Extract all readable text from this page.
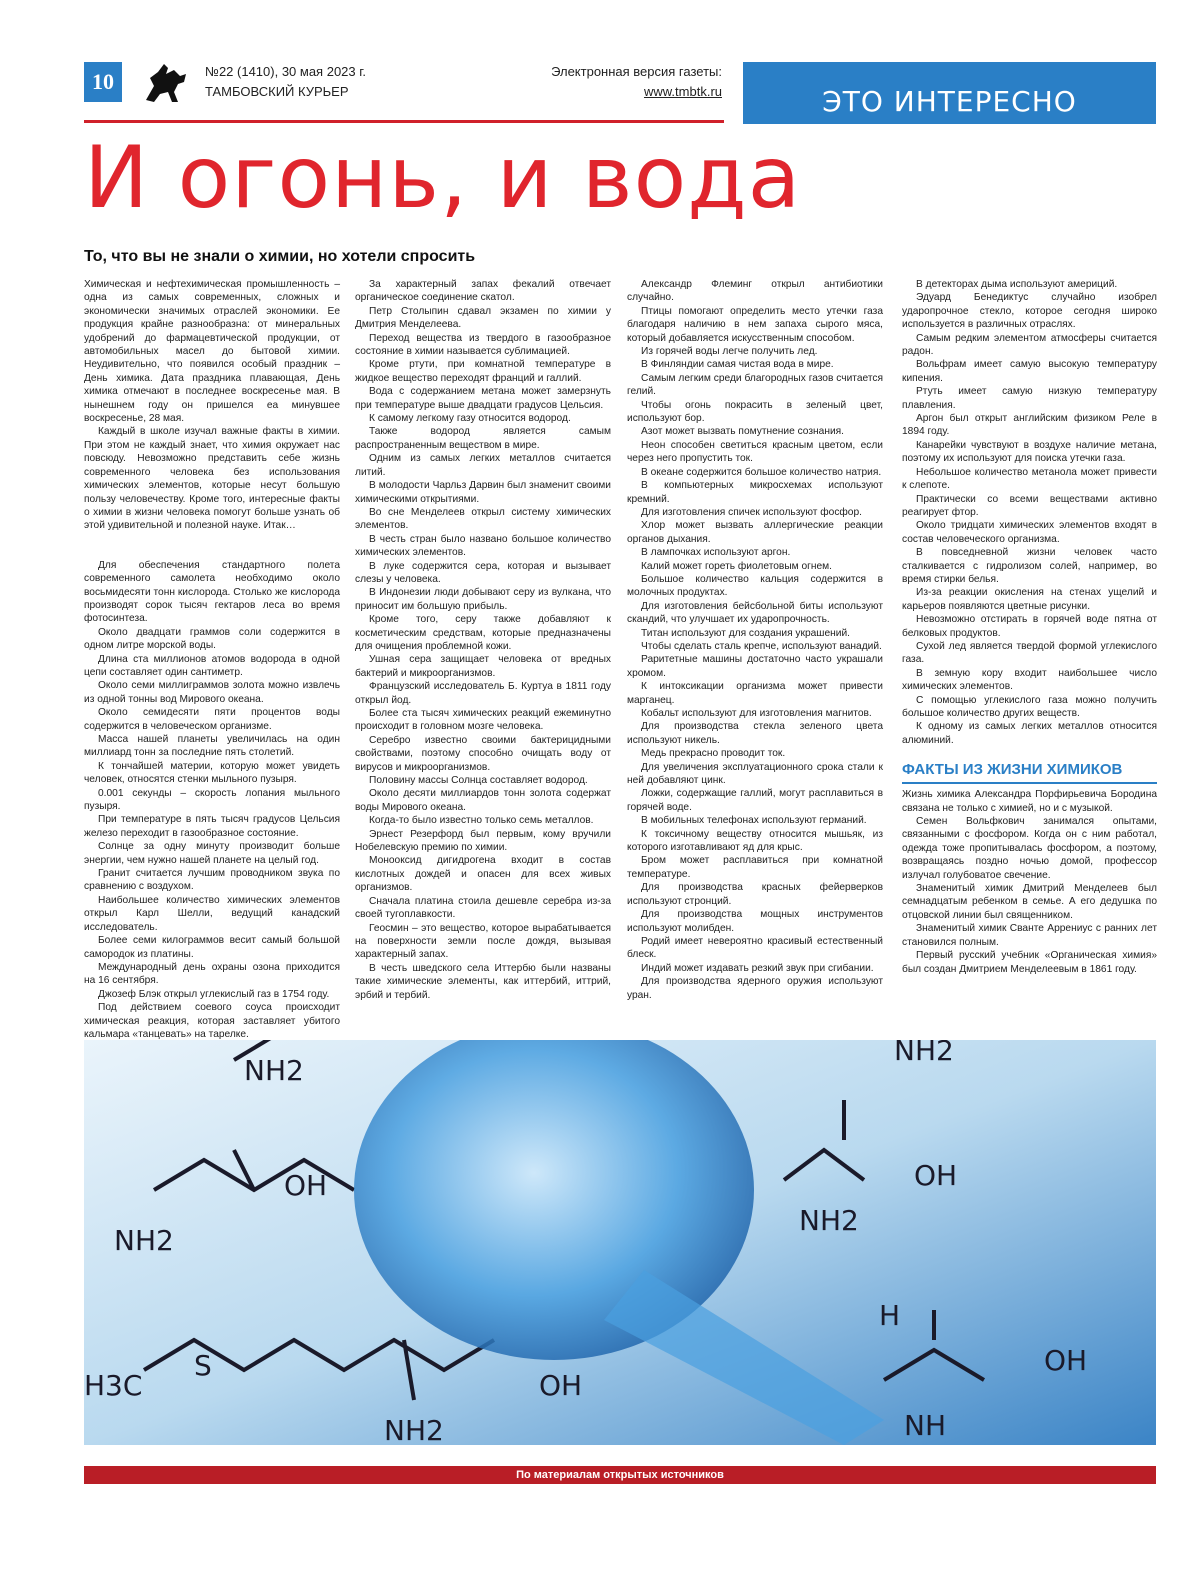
10	№22 (1410), 30 мая 2023 г.
ТАМБОВСКИЙ КУРЬЕР
Электронная версия газеты:
www.tmbtk.ru	ЭТО ИНТЕРЕСНО
И огонь, и вода
То, что вы не знали о химии, но хотели спросить

Химическая и нефтехимическая промышленность – одна из самых современных, сложных и экономически значимых отраслей экономики. Ее продукция крайне разнообразна: от минеральных удобрений до фармацевтической продукции, от автомобильных масел до бытовой химии. Неудивительно, что появился особый праздник – День химика. Дата праздника плавающая, День химика отмечают в последнее воскресенье мая. В нынешнем году он пришелся еа минувшее воскресенье, 28 мая.

Каждый в школе изучал важные факты в химии. При этом не каждый знает, что химия окружает нас повсюду. Невозможно представить себе жизнь современного человека без использования химических элементов, которые несут большую пользу человечеству. Кроме того, интересные факты о химии в жизни человека помогут больше узнать об этой удивительной и полезной науке. Итак…

Для обеспечения стандартного полета современного самолета необходимо около восьмидесяти тонн кислорода. Столько же кислорода производят сорок тысяч гектаров леса во время фотосинтеза.

Около двадцати граммов соли содержится в одном литре морской воды.

Длина ста миллионов атомов водорода в одной цепи составляет один сантиметр.

Около семи миллиграммов золота можно извлечь из одной тонны вод Мирового океана.

Около семидесяти пяти процентов воды содержится в человеческом организме.

Масса нашей планеты увеличилась на один миллиард тонн за последние пять столетий.

К тончайшей материи, которую может увидеть человек, относятся стенки мыльного пузыря.

0.001 секунды – скорость лопания мыльного пузыря.

При температуре в пять тысяч градусов Цельсия железо переходит в газообразное состояние.

Солнце за одну минуту производит больше энергии, чем нужно нашей планете на целый год.

Гранит считается лучшим проводником звука по сравнению с воздухом.

Наибольшее количество химических элементов открыл Карл Шелли, ведущий канадский исследователь.

Более семи килограммов весит самый большой самородок из платины.

Международный день охраны озона приходится на 16 сентября.

Джозеф Блэк открыл углекислый газ в 1754 году.

Под действием соевого соуса происходит химическая реакция, которая заставляет убитого кальмара «танцевать» на тарелке.

За характерный запах фекалий отвечает органическое соединение скатол.

Петр Столыпин сдавал экзамен по химии у Дмитрия Менделеева.

Переход вещества из твердого в газообразное состояние в химии называется сублимацией.

Кроме ртути, при комнатной температуре в жидкое вещество переходят франций и галлий.

Вода с содержанием метана может замерзнуть при температуре выше двадцати градусов Цельсия.

К самому легкому газу относится водород.

Также водород является самым распространенным веществом в мире.

Одним из самых легких металлов считается литий.

В молодости Чарльз Дарвин был знаменит своими химическими открытиями.

Во сне Менделеев открыл систему химических элементов.

В честь стран было названо большое количество химических элементов.

В луке содержится сера, которая и вызывает слезы у человека.

В Индонезии люди добывают серу из вулкана, что приносит им большую прибыль.

Кроме того, серу также добавляют к косметическим средствам, которые предназначены для очищения проблемной кожи.

Ушная сера защищает человека от вредных бактерий и микроорганизмов.

Французский исследователь Б. Куртуа в 1811 году открыл йод.

Более ста тысяч химических реакций ежеминутно происходит в головном мозге человека.

Серебро известно своими бактерицидными свойствами, поэтому способно очищать воду от вирусов и микроорганизмов.

Половину массы Солнца составляет водород.

Около десяти миллиардов тонн золота содержат воды Мирового океана.

Когда-то было известно только семь металлов.

Эрнест Резерфорд был первым, кому вручили Нобелевскую премию по химии.

Монооксид дигидрогена входит в состав кислотных дождей и опасен для всех живых организмов.

Сначала платина стоила дешевле серебра из-за своей тугоплавкости.

Геосмин – это вещество, которое вырабатывается на поверхности земли после дождя, вызывая характерный запах.

В честь шведского села Иттербю были названы такие химические элементы, как иттербий, иттрий, эрбий и тербий.

Александр Флеминг открыл антибиотики случайно.

Птицы помогают определить место утечки газа благодаря наличию в нем запаха сырого мяса, который добавляется искусственным способом.

Из горячей воды легче получить лед.

В Финляндии самая чистая вода в мире.

Самым легким среди благородных газов считается гелий.

Чтобы огонь покрасить в зеленый цвет, используют бор.

Азот может вызвать помутнение сознания.

Неон способен светиться красным цветом, если через него пропустить ток.

В океане содержится большое количество натрия.

В компьютерных микросхемах используют кремний.

Для изготовления спичек используют фосфор.

Хлор может вызвать аллергические реакции органов дыхания.

В лампочках используют аргон.

Калий может гореть фиолетовым огнем.

Большое количество кальция содержится в молочных продуктах.

Для изготовления бейсбольной биты используют скандий, что улучшает их ударопрочность.

Титан используют для создания украшений.

Чтобы сделать сталь крепче, используют ванадий.

Раритетные машины достаточно часто украшали хромом.

К интоксикации организма может привести марганец.

Кобальт используют для изготовления магнитов.

Для производства стекла зеленого цвета используют никель.

Медь прекрасно проводит ток.

Для увеличения эксплуатационного срока стали к ней добавляют цинк.

Ложки, содержащие галлий, могут расплавиться в горячей воде.

В мобильных телефонах используют германий.

К токсичному веществу относится мышьяк, из которого изготавливают яд для крыс.

Бром может расплавиться при комнатной температуре.

Для производства красных фейерверков используют стронций.

Для производства мощных инструментов используют молибден.

Родий имеет невероятно красивый естественный блеск.

Индий может издавать резкий звук при сгибании.

Для производства ядерного оружия используют уран.

В детекторах дыма используют америций.

Эдуард Бенедиктус случайно изобрел ударопрочное стекло, которое сегодня широко используется в различных отраслях.

Самым редким элементом атмосферы считается радон.

Вольфрам имеет самую высокую температуру кипения.

Ртуть имеет самую низкую температуру плавления.

Аргон был открыт английским физиком Реле в 1894 году.

Канарейки чувствуют в воздухе наличие метана, поэтому их используют для поиска утечки газа.

Небольшое количество метанола может привести к слепоте.

Практически со всеми веществами активно реагирует фтор.

Около тридцати химических элементов входят в состав человеческого организма.

В повседневной жизни человек часто сталкивается с гидролизом солей, например, во время стирки белья.

Из-за реакции окисления на стенах ущелий и карьеров появляются цветные рисунки.

Невозможно отстирать в горячей воде пятна от белковых продуктов.

Сухой лед является твердой формой углекислого газа.

В земную кору входит наибольшее число химических элементов.

С помощью углекислого газа можно получить большое количество других веществ.

К одному из самых легких металлов относится алюминий.

ФАКТЫ ИЗ ЖИЗНИ ХИМИКОВ

Жизнь химика Александра Порфирьевича Бородина связана не только с химией, но и с музыкой.

Семен Вольфкович занимался опытами, связанными с фосфором. Когда он с ним работал, одежда тоже пропитывалась фосфором, а поэтому, возвращаясь поздно ночью домой, профессор излучал голубоватое свечение.

Знаменитый химик Дмитрий Менделеев был семнадцатым ребенком в семье. А его дедушка по отцовской линии был священником.

Знаменитый химик Сванте Аррениус с ранних лет становился полным.

Первый русский учебник «Органическая химия» был создан Дмитрием Менделеевым в 1861 году.

NH2
NH2
OH
NH2
OH
NH2
H
OH
S
H3C	OH
NH2	NH
По материалам открытых источников
